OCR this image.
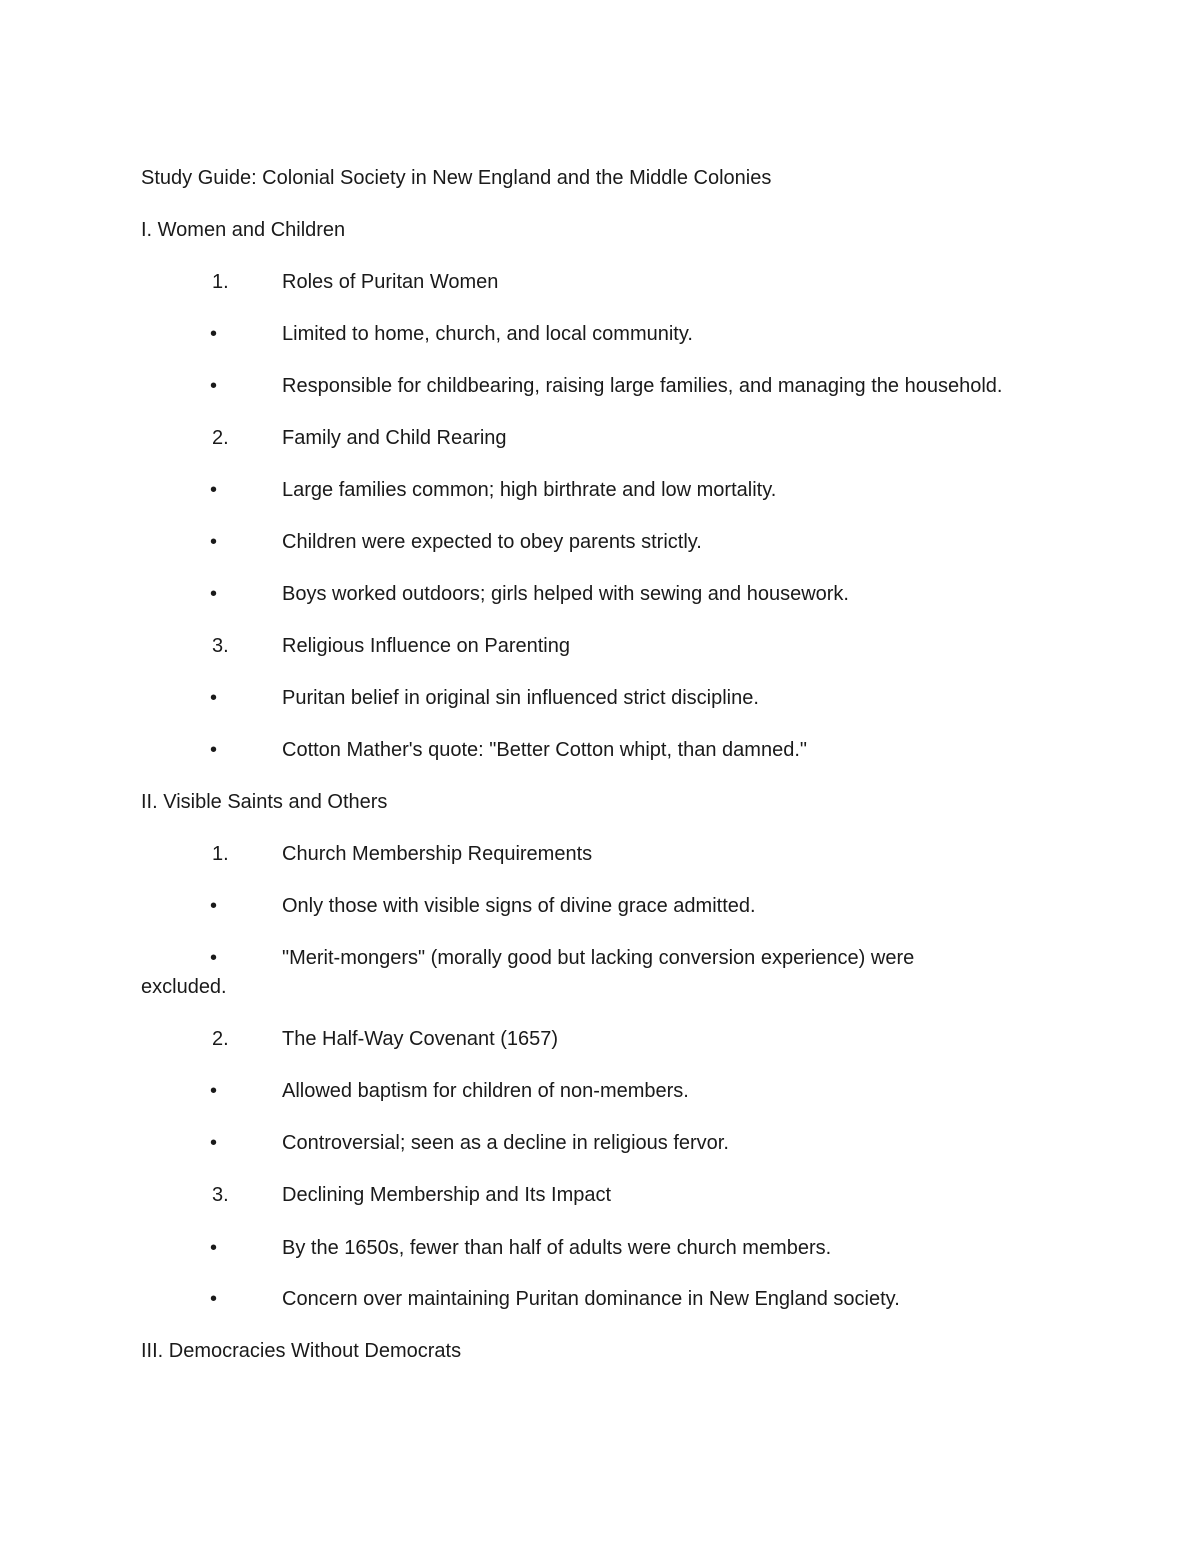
Study Guide: Colonial Society in New England and the Middle Colonies
I. Women and Children
1.	Roles of Puritan Women
•	Limited to home, church, and local community.
•	Responsible for childbearing, raising large families, and managing the household.
2.	Family and Child Rearing
•	Large families common; high birthrate and low mortality.
•	Children were expected to obey parents strictly.
•	Boys worked outdoors; girls helped with sewing and housework.
3.	Religious Influence on Parenting
•	Puritan belief in original sin influenced strict discipline.
•	Cotton Mather's quote: "Better Cotton whipt, than damned."
II. Visible Saints and Others
1.	Church Membership Requirements
•	Only those with visible signs of divine grace admitted.
•	"Merit-mongers" (morally good but lacking conversion experience) were
excluded.
2.	The Half-Way Covenant (1657)
•	Allowed baptism for children of non-members.
•	Controversial; seen as a decline in religious fervor.
3.	Declining Membership and Its Impact
•	By the 1650s, fewer than half of adults were church members.
•	Concern over maintaining Puritan dominance in New England society.
III. Democracies Without Democrats
